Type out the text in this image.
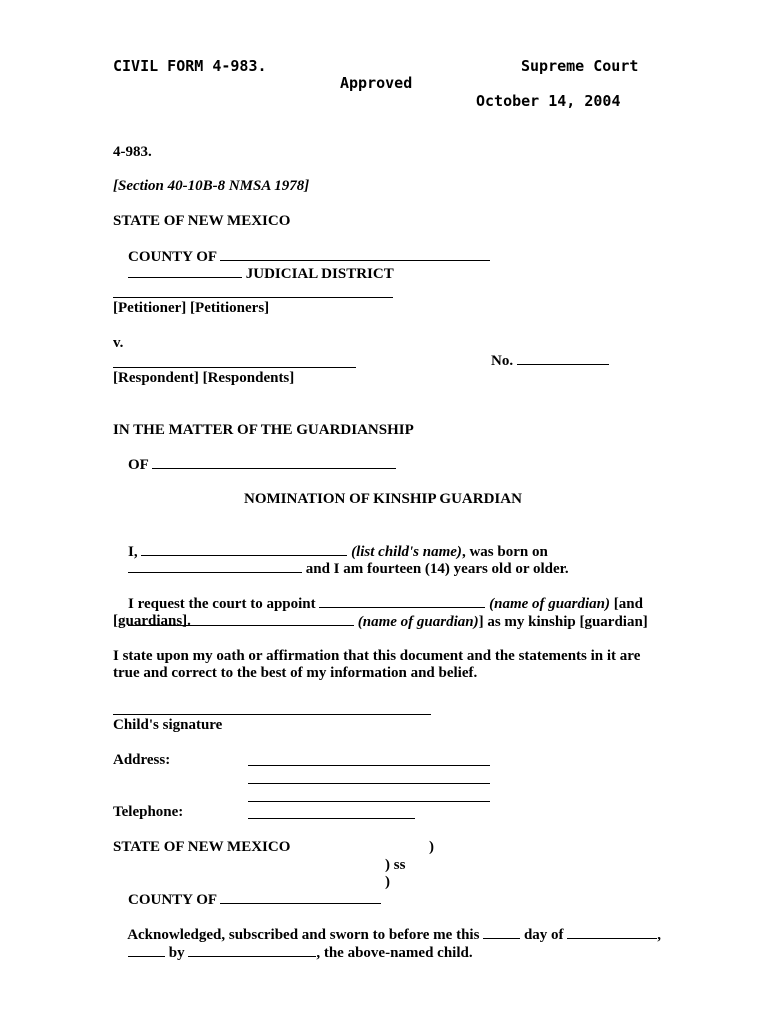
CIVIL FORM 4-983.	Supreme Court
Approved
October 14, 2004
4-983.
[Section 40-10B-8 NMSA 1978]
STATE OF NEW MEXICO

COUNTY OF

JUDICIAL DISTRICT

[Petitioner] [Petitioners]
v.

No.

[Respondent] [Respondents]
IN THE MATTER OF THE GUARDIANSHIP

OF

NOMINATION OF KINSHIP GUARDIAN

I,	(list child's name), was born on

and I am fourteen (14) years old or older.

I request the court to appoint	(name of guardian) [and

(name of guardian)] as my kinship [guardian]

[guardians].
I state upon my oath or affirmation that this document and the statements in it are
true and correct to the best of my information and belief.
Child's signature
Address:
Telephone:
STATE OF NEW MEXICO	)
) ss

COUNTY OF

)

Acknowledged, subscribed and sworn to before me this	day of	,

by	, the above-named child.
